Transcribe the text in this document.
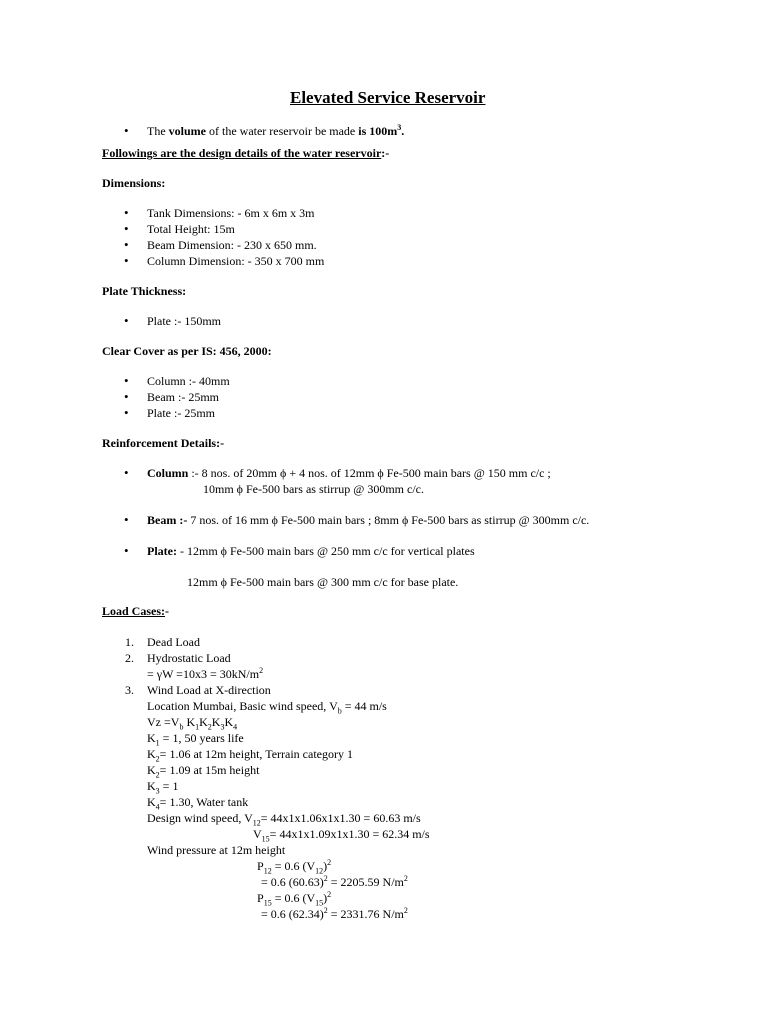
Elevated Service Reservoir
• The volume of the water reservoir be made is $100m^3$.
Followings are the design details of the water reservoir:-
Dimensions:
• Tank Dimensions: - 6m x 6m x 3m
• Total Height: 15m
• Beam Dimension: - 230 x 650 mm.
• Column Dimension: - 350 x 700 mm
Plate Thickness:
• Plate :- 150mm
Clear Cover as per IS: 456, 2000:
• Column :- 40mm
• Beam :- 25mm
• Plate :- 25mm
Reinforcement Details:-
• Column :- 8 nos. of 20mm ϕ + 4 nos. of 12mm ϕ Fe-500 main bars @ 150 mm c/c ;
10mm ϕ Fe-500 bars as stirrup @ 300mm c/c.
• Beam :- 7 nos. of 16 mm ϕ Fe-500 main bars ; 8mm ϕ Fe-500 bars as stirrup @ 300mm c/c.
• Plate: - 12mm ϕ Fe-500 main bars @ 250 mm c/c for vertical plates
12mm ϕ Fe-500 main bars @ 300 mm c/c for base plate.
Load Cases:-
1. Dead Load
2. Hydrostatic Load
= $\gamma W =10x3 = 30kN/m^2$
3. Wind Load at X-direction
Location Mumbai, Basic wind speed, $V_b = 44$ m/s
$Vz =V_b$ $K_1K_2K_3K_4$
$K_1 = 1$, 50 years life
$K_2= 1.06$ at 12m height, Terrain category 1
$K_2= 1.09$ at 15m height
$K_3 = 1$
$K_4= 1.30$, Water tank
Design wind speed, $V_{12}= 44x1x1.06x1x1.30 = 60.63$ m/s
$V_{15}= 44x1x1.09x1x1.30 = 62.34$ m/s
Wind pressure at 12m height
$P_{12} = 0.6$ $(V_{12})^2$
= 0.6 $(60.63)^2 = 2205.59$ $N/m^2$
$P_{15} = 0.6$ $(V_{15})^2$
= 0.6 $(62.34)^2 = 2331.76$ $N/m^2$
